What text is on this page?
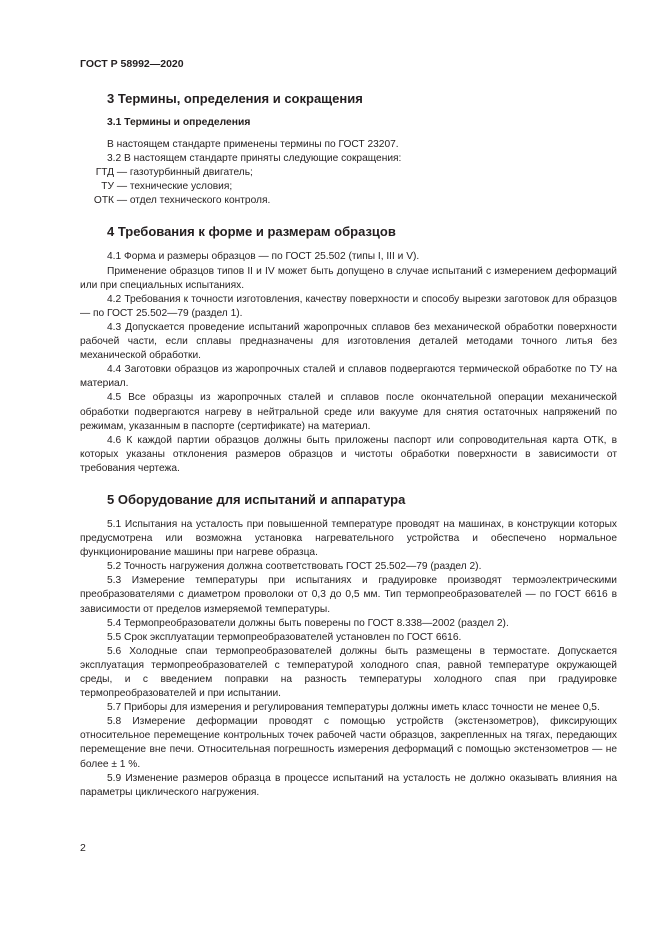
ГОСТ Р 58992—2020
3 Термины, определения и сокращения
3.1 Термины и определения

В настоящем стандарте применены термины по ГОСТ 23207.

3.2 В настоящем стандарте приняты следующие сокращения:

ГТД — газотурбинный двигатель;
ТУ — технические условия;
ОТК — отдел технического контроля.
4 Требования к форме и размерам образцов

4.1 Форма и размеры образцов — по ГОСТ 25.502 (типы I, III и V).

Применение образцов типов II и IV может быть допущено в случае испытаний с измерением деформаций или при специальных испытаниях.

4.2 Требования к точности изготовления, качеству поверхности и способу вырезки заготовок для образцов — по ГОСТ 25.502—79 (раздел 1).

4.3 Допускается проведение испытаний жаропрочных сплавов без механической обработки поверхности рабочей части, если сплавы предназначены для изготовления деталей методами точного литья без механической обработки.

4.4 Заготовки образцов из жаропрочных сталей и сплавов подвергаются термической обработке по ТУ на материал.

4.5 Все образцы из жаропрочных сталей и сплавов после окончательной операции механической обработки подвергаются нагреву в нейтральной среде или вакууме для снятия остаточных напряжений по режимам, указанным в паспорте (сертификате) на материал.

4.6 К каждой партии образцов должны быть приложены паспорт или сопроводительная карта ОТК, в которых указаны отклонения размеров образцов и чистоты обработки поверхности в зависимости от требования чертежа.

5 Оборудование для испытаний и аппаратура

5.1 Испытания на усталость при повышенной температуре проводят на машинах, в конструкции которых предусмотрена или возможна установка нагревательного устройства и обеспечено нормальное функционирование машины при нагреве образца.

5.2 Точность нагружения должна соответствовать ГОСТ 25.502—79 (раздел 2).

5.3 Измерение температуры при испытаниях и градуировке производят термоэлектрическими преобразователями с диаметром проволоки от 0,3 до 0,5 мм. Тип термопреобразователей — по ГОСТ 6616 в зависимости от пределов измеряемой температуры.

5.4 Термопреобразователи должны быть поверены по ГОСТ 8.338—2002 (раздел 2).

5.5 Срок эксплуатации термопреобразователей установлен по ГОСТ 6616.

5.6 Холодные спаи термопреобразователей должны быть размещены в термостате. Допускается эксплуатация термопреобразователей с температурой холодного спая, равной температуре окружающей среды, и с введением поправки на разность температуры холодного спая при градуировке термопреобразователей и при испытании.

5.7 Приборы для измерения и регулирования температуры должны иметь класс точности не менее 0,5.

5.8 Измерение деформации проводят с помощью устройств (экстензометров), фиксирующих относительное перемещение контрольных точек рабочей части образцов, закрепленных на тягах, передающих перемещение вне печи. Относительная погрешность измерения деформаций с помощью экстензометров — не более ± 1 %.

5.9 Изменение размеров образца в процессе испытаний на усталость не должно оказывать влияния на параметры циклического нагружения.

2
